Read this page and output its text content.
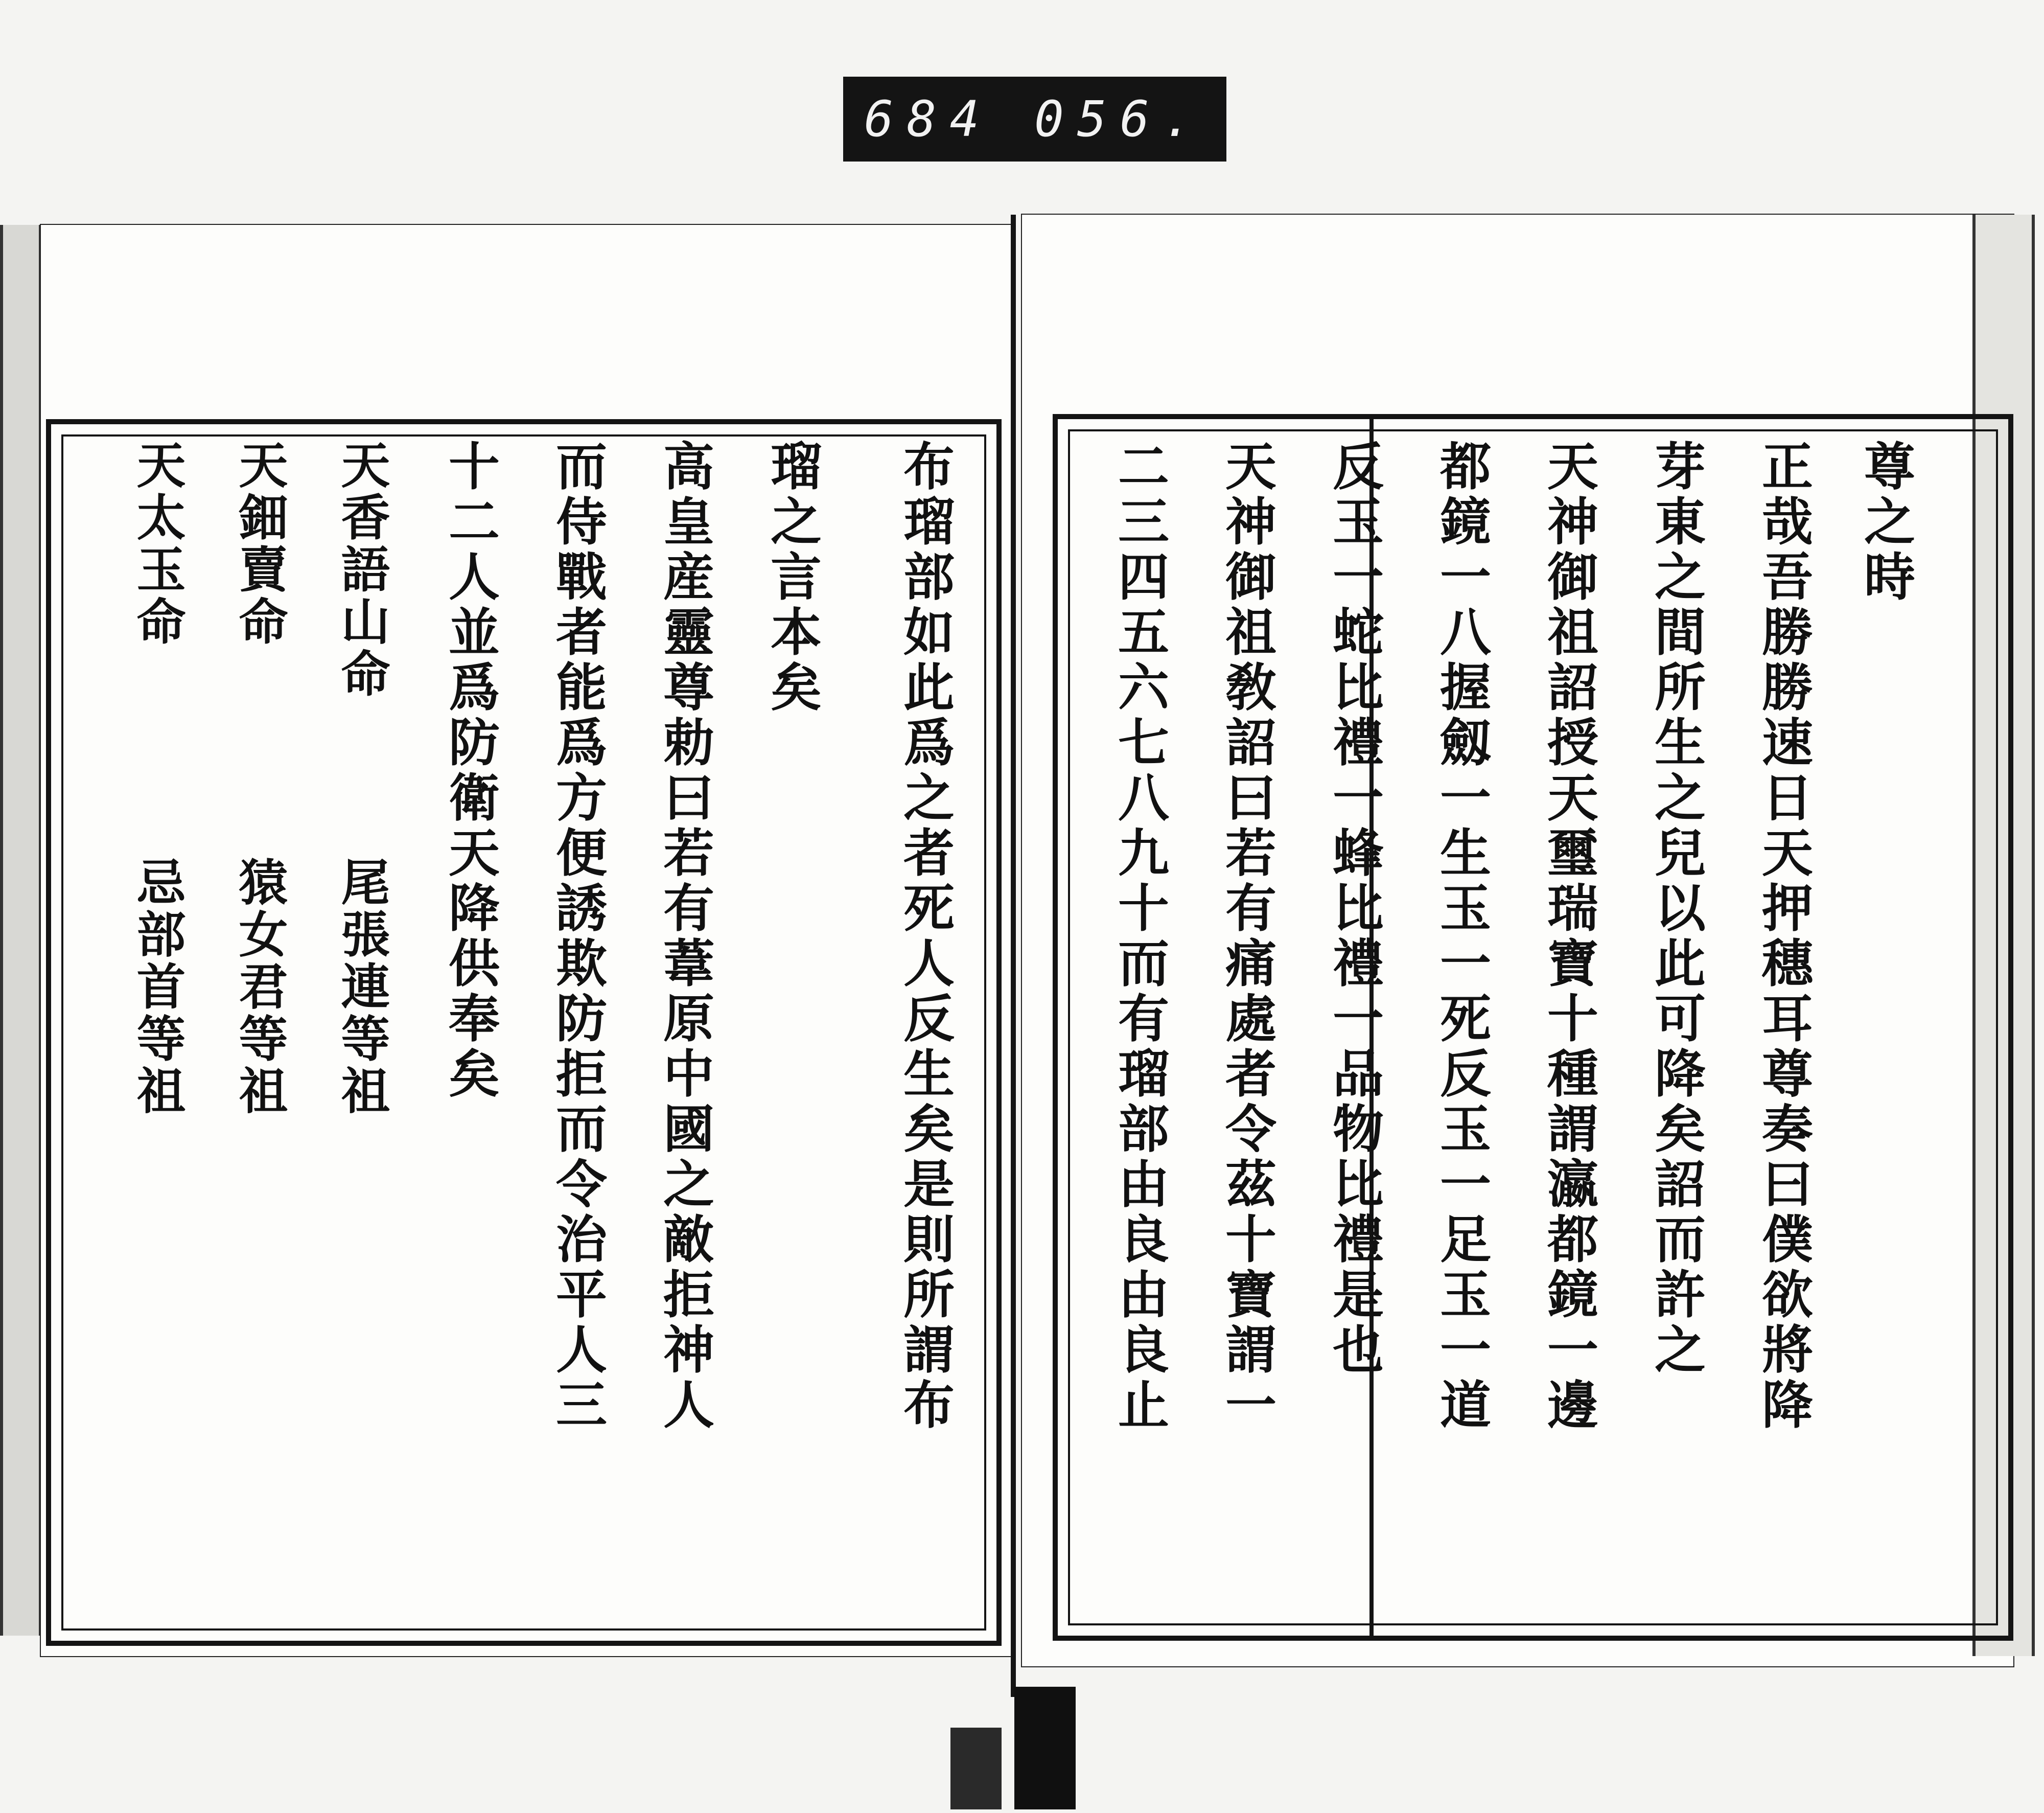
684 056.
尊之時
正哉吾勝勝速日天押穗耳尊奏曰僕欲將降
芽東之間所生之兒以此可降矣詔而許之
天神御祖詔授天璽瑞寶十種謂瀛都鏡一邊
都鏡一八握劔一生玉一死反玉一足玉一道
反玉一蛇比禮一蜂比禮一品物比禮是也
天神御祖敎詔曰若有痛處者令茲十寶謂一
二三四五六七八九十而有瑠部由良由良止
布瑠部如此爲之者死人反生矣是則所謂布
瑠之言本矣
高皇産靈尊勅曰若有葦原中國之敵拒神人
而侍戰者能爲方便誘欺防拒而令治平人三
十二人並爲防衛天降供奉矣
天香語山命　　　尾張連等祖
天鈿賣命　　　　猿女君等祖
天太玉命　　　　忌部首等祖
